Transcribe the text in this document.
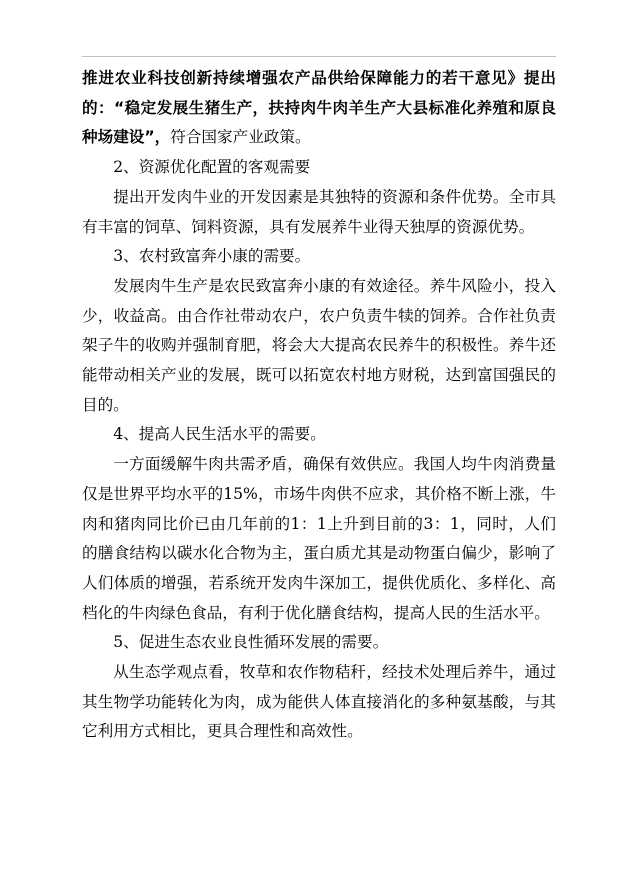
推进农业科技创新持续增强农产品供给保障能力的若干意见》提出的：“稳定发展生猪生产，扶持肉牛肉羊生产大县标准化养殖和原良种场建设”，符合国家产业政策。

2、资源优化配置的客观需要

提出开发肉牛业的开发因素是其独特的资源和条件优势。全市具有丰富的饲草、饲料资源，具有发展养牛业得天独厚的资源优势。

3、农村致富奔小康的需要。

发展肉牛生产是农民致富奔小康的有效途径。养牛风险小，投入少，收益高。由合作社带动农户，农户负责牛犊的饲养。合作社负责架子牛的收购并强制育肥，将会大大提高农民养牛的积极性。养牛还能带动相关产业的发展，既可以拓宽农村地方财税，达到富国强民的目的。

4、提高人民生活水平的需要。

一方面缓解牛肉共需矛盾，确保有效供应。我国人均牛肉消费量仅是世界平均水平的15%，市场牛肉供不应求，其价格不断上涨，牛肉和猪肉同比价已由几年前的1：1上升到目前的3：1，同时，人们的膳食结构以碳水化合物为主，蛋白质尤其是动物蛋白偏少，影响了人们体质的增强，若系统开发肉牛深加工，提供优质化、多样化、高档化的牛肉绿色食品，有利于优化膳食结构，提高人民的生活水平。

5、促进生态农业良性循环发展的需要。

从生态学观点看，牧草和农作物秸秆，经技术处理后养牛，通过其生物学功能转化为肉，成为能供人体直接消化的多种氨基酸，与其它利用方式相比，更具合理性和高效性。
